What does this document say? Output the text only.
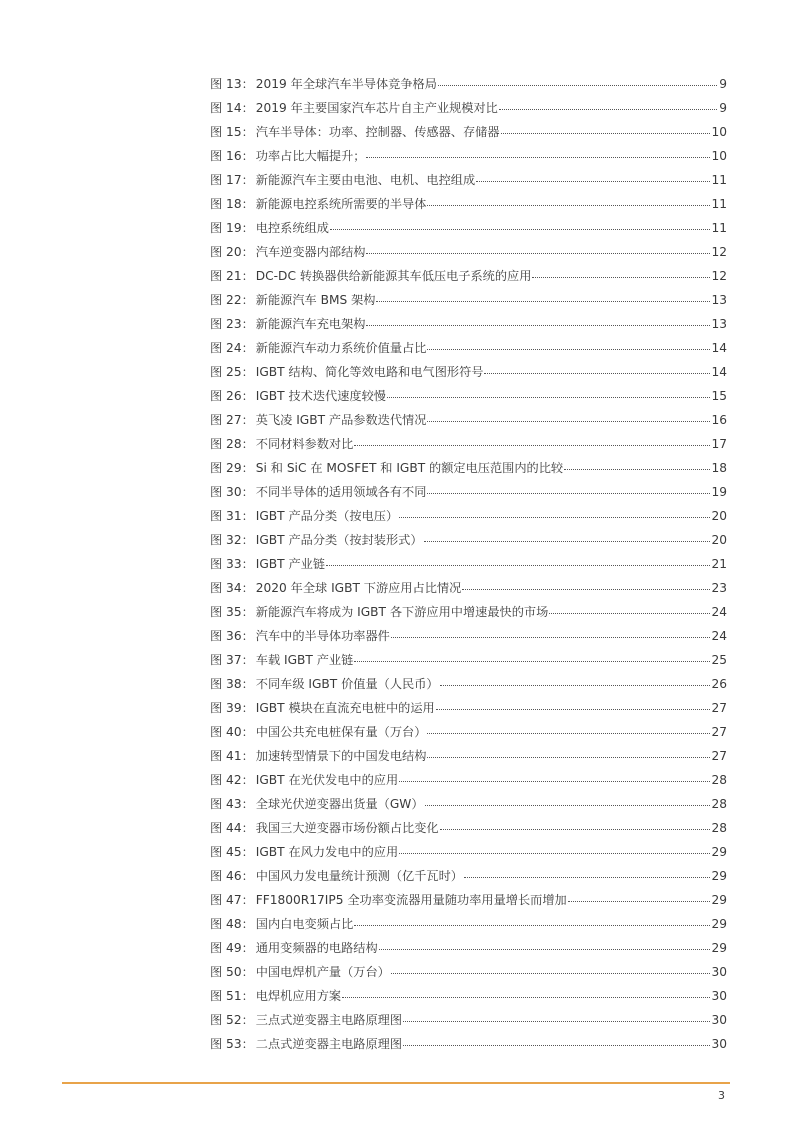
图 13： 2019 年全球汽车半导体竞争格局	9
图 14： 2019 年主要国家汽车芯片自主产业规模对比	9
图 15： 汽车半导体：功率、控制器、传感器、存储器	10
图 16： 功率占比大幅提升；	10
图 17： 新能源汽车主要由电池、电机、电控组成	11
图 18： 新能源电控系统所需要的半导体	11
图 19： 电控系统组成	11
图 20： 汽车逆变器内部结构	12
图 21： DC-DC 转换器供给新能源其车低压电子系统的应用	12
图 22： 新能源汽车 BMS 架构	13
图 23： 新能源汽车充电架构	13
图 24： 新能源汽车动力系统价值量占比	14
图 25： IGBT 结构、简化等效电路和电气图形符号	14
图 26： IGBT 技术迭代速度较慢	15
图 27： 英飞凌 IGBT 产品参数迭代情况	16
图 28： 不同材料参数对比	17
图 29： Si 和 SiC 在 MOSFET 和 IGBT 的额定电压范围内的比较	18
图 30： 不同半导体的适用领域各有不同	19
图 31： IGBT 产品分类（按电压）	20
图 32： IGBT 产品分类（按封装形式）	20
图 33： IGBT 产业链	21
图 34： 2020 年全球 IGBT 下游应用占比情况	23
图 35： 新能源汽车将成为 IGBT 各下游应用中增速最快的市场	24
图 36： 汽车中的半导体功率器件	24
图 37： 车载 IGBT 产业链	25
图 38： 不同车级 IGBT 价值量（人民币）	26
图 39： IGBT 模块在直流充电桩中的运用	27
图 40： 中国公共充电桩保有量（万台）	27
图 41： 加速转型情景下的中国发电结构	27
图 42： IGBT 在光伏发电中的应用	28
图 43： 全球光伏逆变器出货量（GW）	28
图 44： 我国三大逆变器市场份额占比变化	28
图 45： IGBT 在风力发电中的应用	29
图 46： 中国风力发电量统计预测（亿千瓦时）	29
图 47： FF1800R17IP5 全功率变流器用量随功率用量增长而增加	29
图 48： 国内白电变频占比	29
图 49： 通用变频器的电路结构	29
图 50： 中国电焊机产量（万台）	30
图 51： 电焊机应用方案	30
图 52： 三点式逆变器主电路原理图	30
图 53： 二点式逆变器主电路原理图	30
3
